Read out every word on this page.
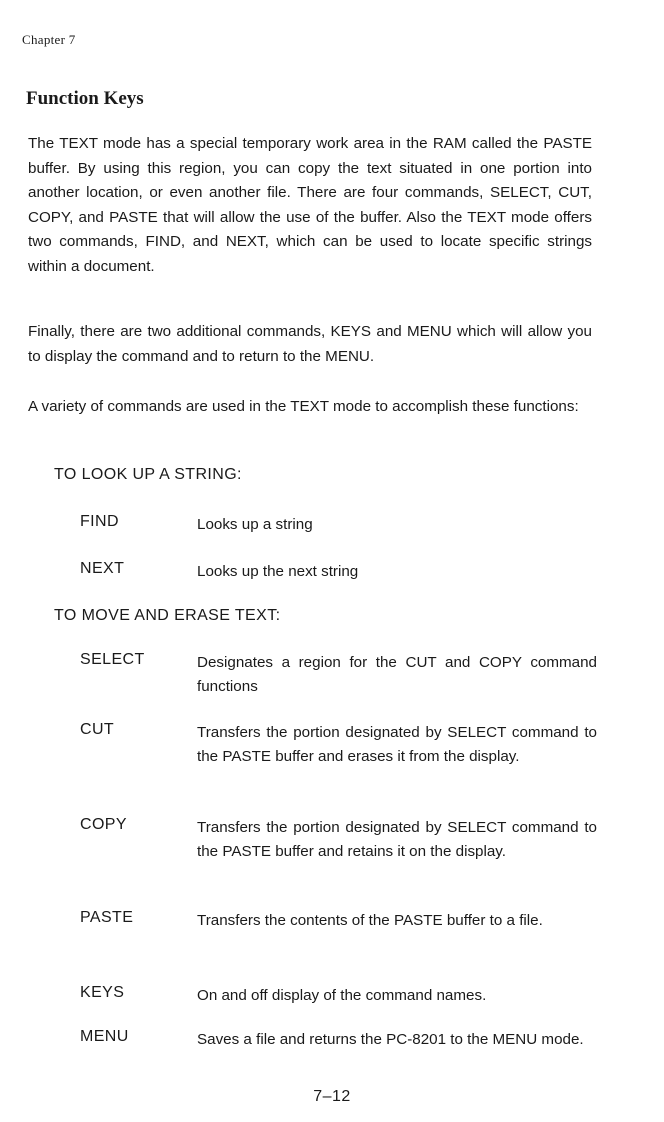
Chapter 7
Function Keys

The TEXT mode has a special temporary work area in the RAM called the PASTE buffer. By using this region, you can copy the text situated in one portion into another location, or even another file. There are four commands, SELECT, CUT, COPY, and PASTE that will allow the use of the buffer. Also the TEXT mode offers two commands, FIND, and NEXT, which can be used to locate specific strings within a document.

Finally, there are two additional commands, KEYS and MENU which will allow you to display the command and to return to the MENU.

A variety of commands are used in the TEXT mode to accomplish these functions:

TO LOOK UP A STRING:
FIND	Looks up a string
NEXT	Looks up the next string
TO MOVE AND ERASE TEXT:
SELECT	Designates a region for the CUT and COPY command functions
CUT	Transfers the portion designated by SELECT command to the PASTE buffer and erases it from the display.
COPY	Transfers the portion designated by SELECT command to the PASTE buffer and retains it on the display.
PASTE	Transfers the contents of the PASTE buffer to a file.
KEYS	On and off display of the command names.
MENU	Saves a file and returns the PC-8201 to the MENU mode.
7–12
